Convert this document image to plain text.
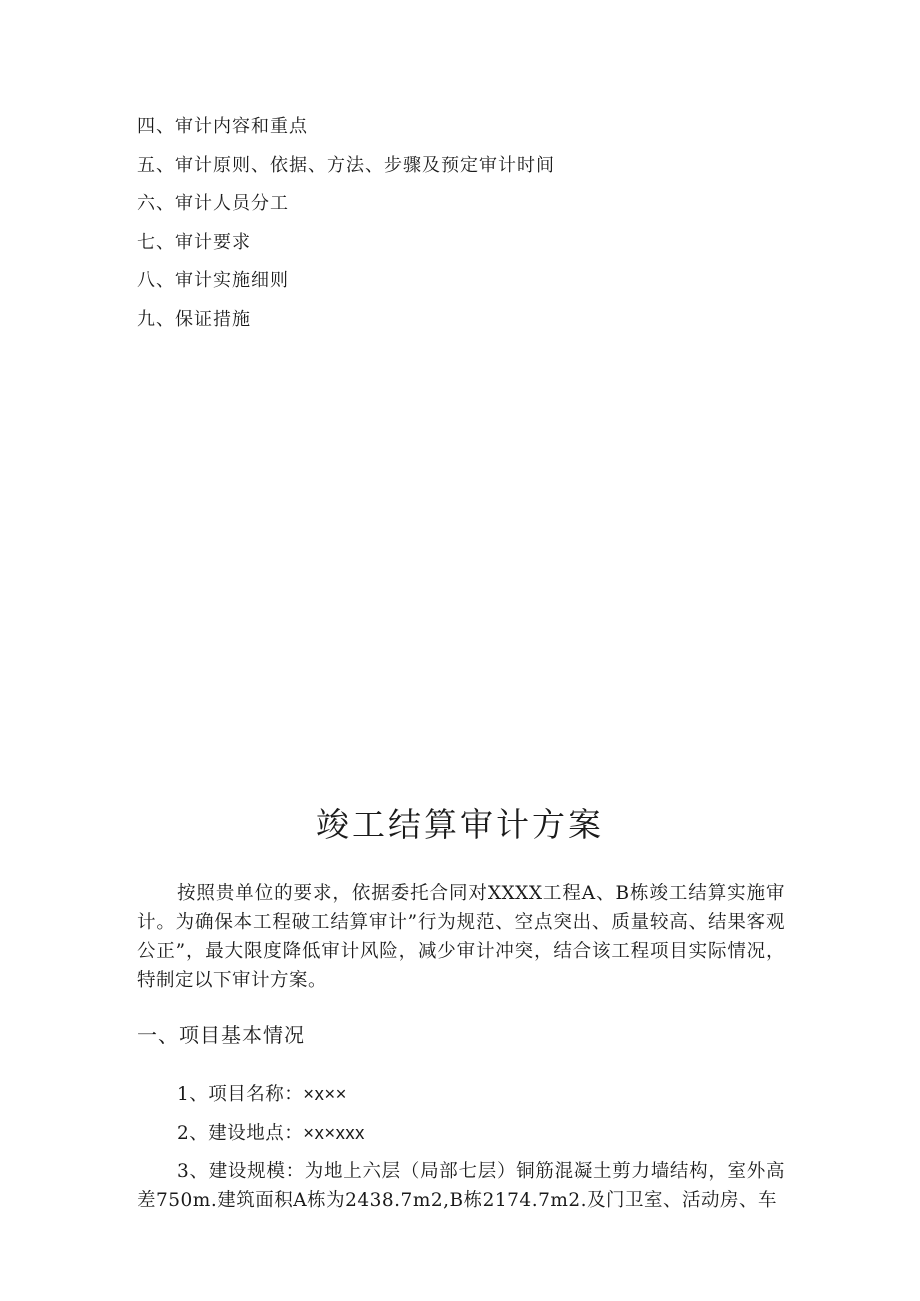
四、审计内容和重点
五、审计原则、依据、方法、步骤及预定审计时间
六、审计人员分工
七、审计要求
八、审计实施细则
九、保证措施
竣工结算审计方案

按照贵单位的要求，依据委托合同对XXXX工程A、B栋竣工结算实施审计。为确保本工程破工结算审计”行为规范、空点突出、质量较高、结果客观公正”，最大限度降低审计风险，减少审计冲突，结合该工程项目实际情况，特制定以下审计方案。

一、项目基本情况
1、项目名称：×x××
2、建设地点：×x×xxx
3、建设规模：为地上六层（局部七层）铜筋混凝土剪力墙结构，室外高差750m.建筑面积A栋为2438.7m2,B栋2174.7m2.及门卫室、活动房、车
